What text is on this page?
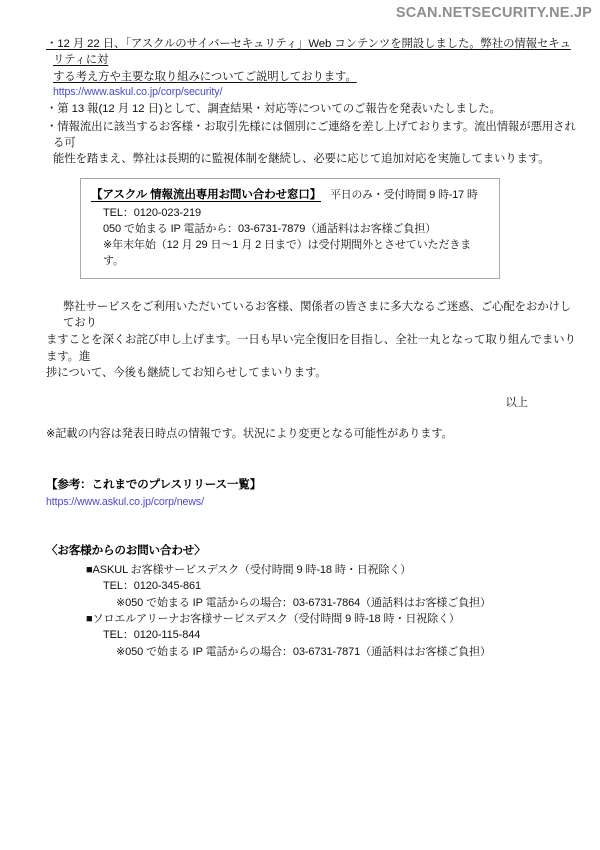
SCAN.NETSECURITY.NE.JP
・12 月 22 日、「アスクルのサイバーセキュリティ」Web コンテンツを開設しました。弊社の情報セキュリティに対
する考え方や主要な取り組みについてご説明しております。
https://www.askul.co.jp/corp/security/
・第 13 報(12 月 12 日)として、調査結果・対応等についてのご報告を発表いたしました。
・情報流出に該当するお客様・お取引先様には個別にご連絡を差し上げております。流出情報が悪用される可
能性を踏まえ、弊社は長期的に監視体制を継続し、必要に応じて追加対応を実施してまいります。
【アスクル 情報流出専用お問い合わせ窓口】 平日のみ・受付時間 9 時-17 時
TEL：0120-023-219
050 で始まる IP 電話から：03-6731-7879（通話料はお客様ご負担）
※年末年始（12 月 29 日〜1 月 2 日まで）は受付期間外とさせていただきます。
弊社サービスをご利用いただいているお客様、関係者の皆さまに多大なるご迷惑、ご心配をおかけしており
ますことを深くお詫び申し上げます。一日も早い完全復旧を目指し、全社一丸となって取り組んでまいります。進
捗について、今後も継続してお知らせしてまいります。
以上
※記載の内容は発表日時点の情報です。状況により変更となる可能性があります。
【参考：これまでのプレスリリース一覧】
https://www.askul.co.jp/corp/news/
〈お客様からのお問い合わせ〉
■ASKUL お客様サービスデスク（受付時間 9 時-18 時・日祝除く）
TEL：0120-345-861
※050 で始まる IP 電話からの場合：03-6731-7864（通話料はお客様ご負担）
■ソロエルアリーナお客様サービスデスク（受付時間 9 時-18 時・日祝除く）
TEL：0120-115-844
※050 で始まる IP 電話からの場合：03-6731-7871（通話料はお客様ご負担）
